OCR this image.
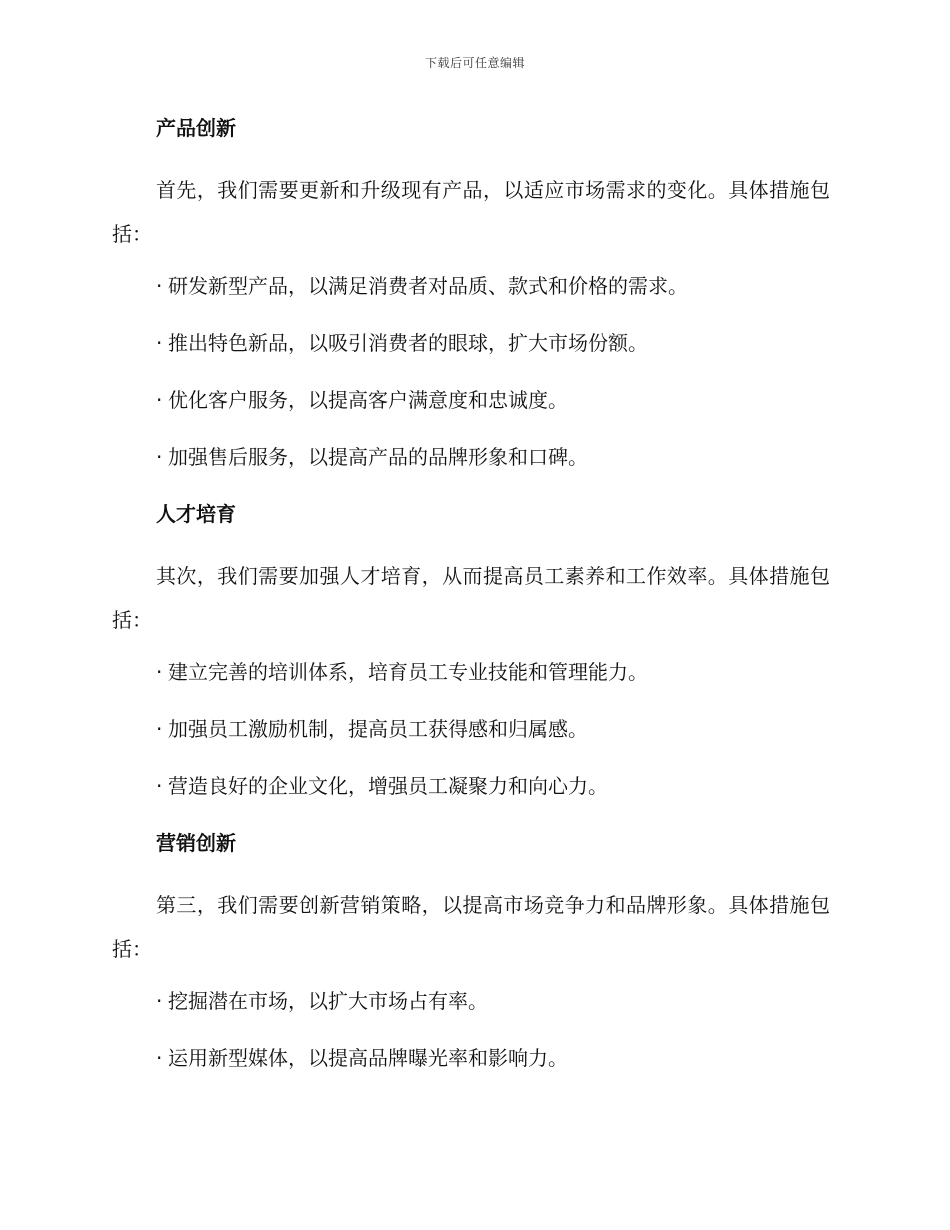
下载后可任意编辑
产品创新

首先，我们需要更新和升级现有产品，以适应市场需求的变化。具体措施包括：

· 研发新型产品，以满足消费者对品质、款式和价格的需求。
· 推出特色新品，以吸引消费者的眼球，扩大市场份额。
· 优化客户服务，以提高客户满意度和忠诚度。
· 加强售后服务，以提高产品的品牌形象和口碑。
人才培育

其次，我们需要加强人才培育，从而提高员工素养和工作效率。具体措施包括：

· 建立完善的培训体系，培育员工专业技能和管理能力。
· 加强员工激励机制，提高员工获得感和归属感。
· 营造良好的企业文化，增强员工凝聚力和向心力。
营销创新

第三，我们需要创新营销策略，以提高市场竞争力和品牌形象。具体措施包括：

· 挖掘潜在市场，以扩大市场占有率。
· 运用新型媒体，以提高品牌曝光率和影响力。
